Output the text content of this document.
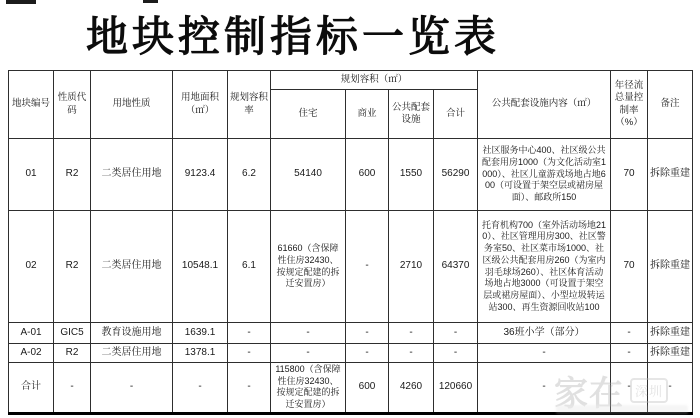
地块控制指标一览表
地块编号	性质代码	用地性质	用地面积（㎡）	规划容积率	规划容积（㎡）				公共配套设施内容（㎡）	年径流总量控制率（%）	备注
					住宅	商业	公共配套设施	合计			
01	R2	二类居住用地	9123.4	6.2	54140	600	1550	56290	社区服务中心400、社区级公共配套用房1000（为文化活动室1000）、社区儿童游戏场地占地600（可设置于架空层或裙房屋面）、邮政所150	70	拆除重建
02	R2	二类居住用地	10548.1	6.1	61660（含保障性住房32430、按规定配建的拆迁安置房）	-	2710	64370	托育机构700（室外活动场地210）、社区管理用房300、社区警务室50、社区菜市场1000、社区级公共配套用房260（为室内羽毛球场260）、社区体育活动场地占地3000（可设置于架空层或裙房屋面）、小型垃圾转运站300、再生资源回收站100	70	拆除重建
A-01	GIC5	教育设施用地	1639.1	-	-	-	-	-	36班小学（部分）	-	拆除重建
A-02	R2	二类居住用地	1378.1	-	-	-	-	-	-	-	拆除重建
合计	-	-	-	-	115800（含保障性住房32430、按规定配建的拆迁安置房）	600	4260	120660	-	-	-
家在 深圳
